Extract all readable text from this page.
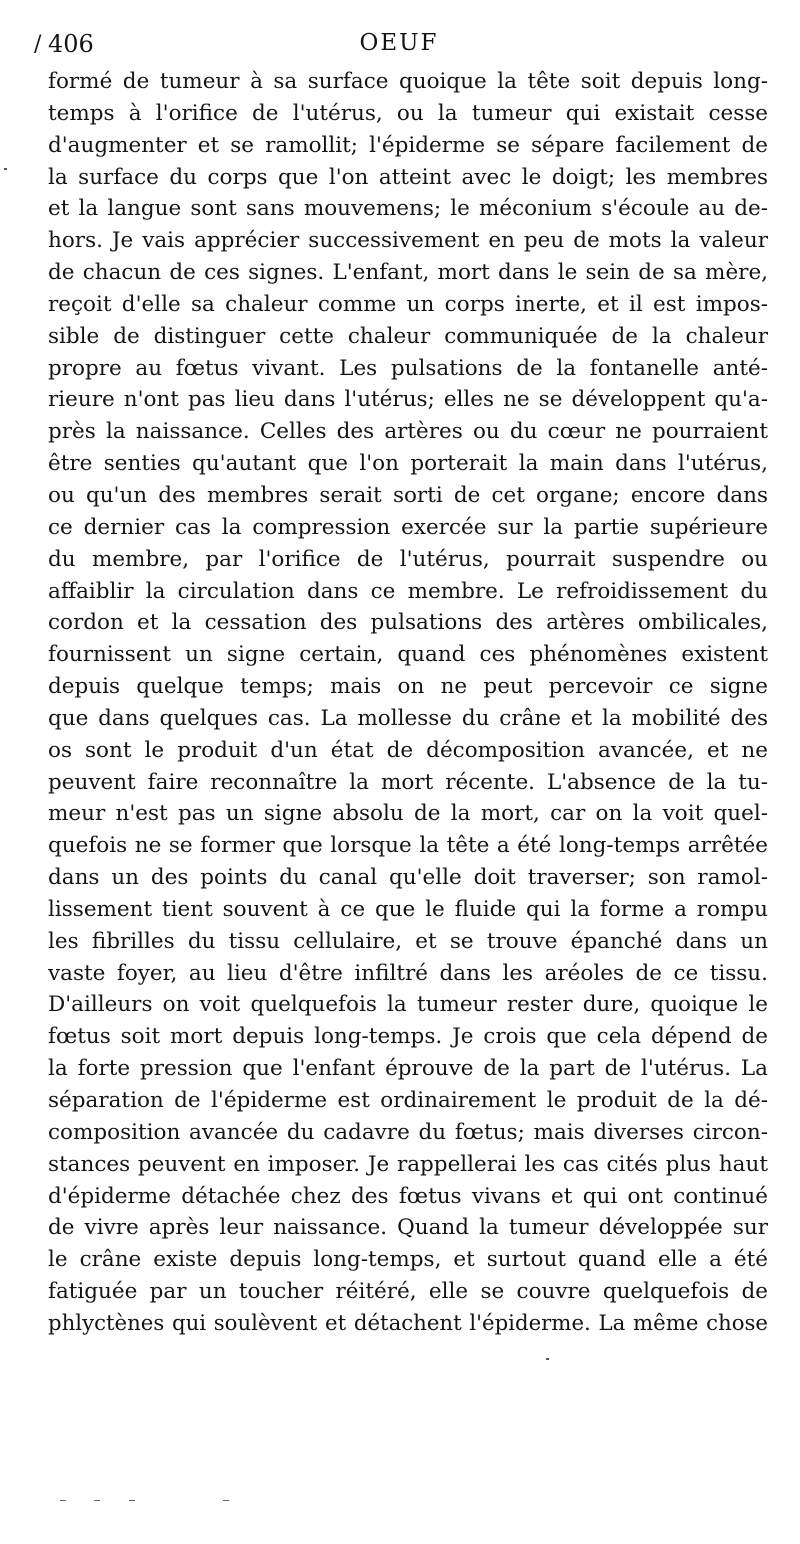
/ 406	OEUF
formé de tumeur à sa surface quoique la tête soit depuis long-
temps à l'orifice de l'utérus, ou la tumeur qui existait cesse
d'augmenter et se ramollit; l'épiderme se sépare facilement de
la surface du corps que l'on atteint avec le doigt; les membres
et la langue sont sans mouvemens; le méconium s'écoule au de-
hors. Je vais apprécier successivement en peu de mots la valeur
de chacun de ces signes. L'enfant, mort dans le sein de sa mère,
reçoit d'elle sa chaleur comme un corps inerte, et il est impos-
sible de distinguer cette chaleur communiquée de la chaleur
propre au fœtus vivant. Les pulsations de la fontanelle anté-
rieure n'ont pas lieu dans l'utérus; elles ne se développent qu'a-
près la naissance. Celles des artères ou du cœur ne pourraient
être senties qu'autant que l'on porterait la main dans l'utérus,
ou qu'un des membres serait sorti de cet organe; encore dans
ce dernier cas la compression exercée sur la partie supérieure
du membre, par l'orifice de l'utérus, pourrait suspendre ou
affaiblir la circulation dans ce membre. Le refroidissement du
cordon et la cessation des pulsations des artères ombilicales,
fournissent un signe certain, quand ces phénomènes existent
depuis quelque temps; mais on ne peut percevoir ce signe
que dans quelques cas. La mollesse du crâne et la mobilité des
os sont le produit d'un état de décomposition avancée, et ne
peuvent faire reconnaître la mort récente. L'absence de la tu-
meur n'est pas un signe absolu de la mort, car on la voit quel-
quefois ne se former que lorsque la tête a été long-temps arrêtée
dans un des points du canal qu'elle doit traverser; son ramol-
lissement tient souvent à ce que le fluide qui la forme a rompu
les fibrilles du tissu cellulaire, et se trouve épanché dans un
vaste foyer, au lieu d'être infiltré dans les aréoles de ce tissu.
D'ailleurs on voit quelquefois la tumeur rester dure, quoique le
fœtus soit mort depuis long-temps. Je crois que cela dépend de
la forte pression que l'enfant éprouve de la part de l'utérus. La
séparation de l'épiderme est ordinairement le produit de la dé-
composition avancée du cadavre du fœtus; mais diverses circon-
stances peuvent en imposer. Je rappellerai les cas cités plus haut
d'épiderme détachée chez des fœtus vivans et qui ont continué
de vivre après leur naissance. Quand la tumeur développée sur
le crâne existe depuis long-temps, et surtout quand elle a été
fatiguée par un toucher réitéré, elle se couvre quelquefois de
phlyctènes qui soulèvent et détachent l'épiderme. La même chose
